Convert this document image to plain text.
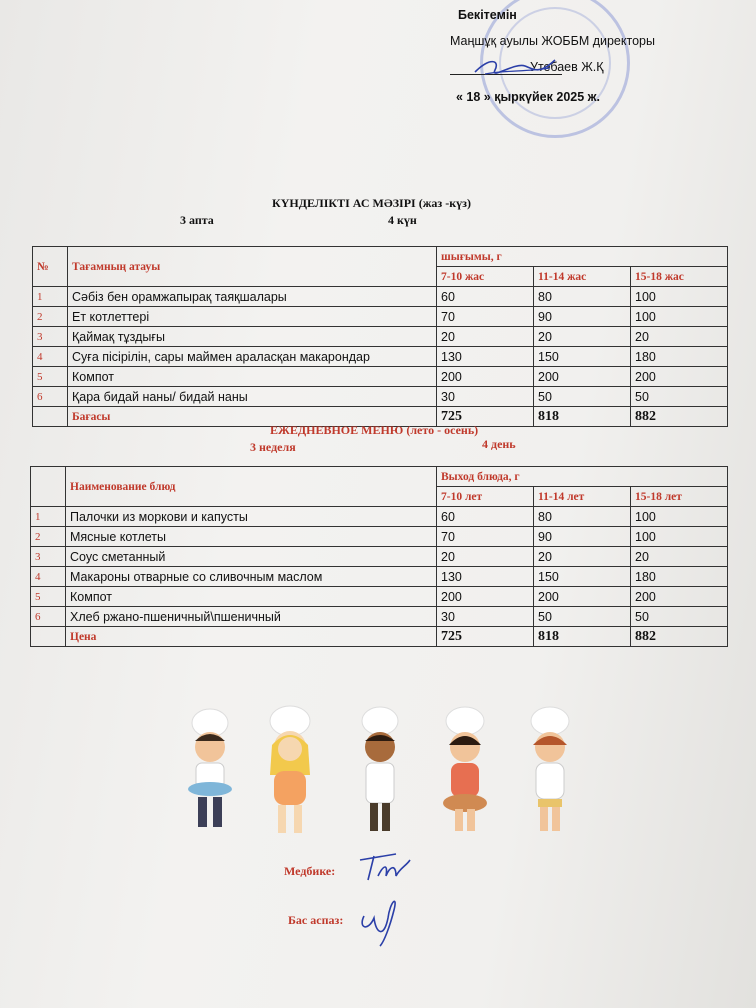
Бекітемін
Маңшұқ ауылы ЖОББМ директоры
Утебаев Ж.Қ
« 18 » қыркүйек 2025 ж.
КҮНДЕЛІКТІ АС МӘЗІРІ (жаз -күз)
3 апта	4 күн
№	Тағамның атауы	шығымы, г		
		7-10 жас	11-14 жас	15-18 жас
1	Сәбіз бен орамжапырақ таяқшалары	60	80	100
2	Ет котлеттері	70	90	100
3	Қаймақ тұздығы	20	20	20
4	Суға пісірілін, сары маймен араласқан макарондар	130	150	180
5	Компот	200	200	200
6	Қара бидай наны/ бидай наны	30	50	50
	Бағасы	725	818	882
ЕЖЕДНЕВНОЕ МЕНЮ (лето - осень)
3 неделя	4 день
	Наименование блюд	Выход блюда, г		
		7-10 лет	11-14 лет	15-18 лет
1	Палочки из моркови и капусты	60	80	100
2	Мясные котлеты	70	90	100
3	Соус сметанный	20	20	20
4	Макароны отварные со сливочным маслом	130	150	180
5	Компот	200	200	200
6	Хлеб ржано-пшеничный\пшеничный	30	50	50
	Цена	725	818	882
Медбике:
Бас аспаз:
